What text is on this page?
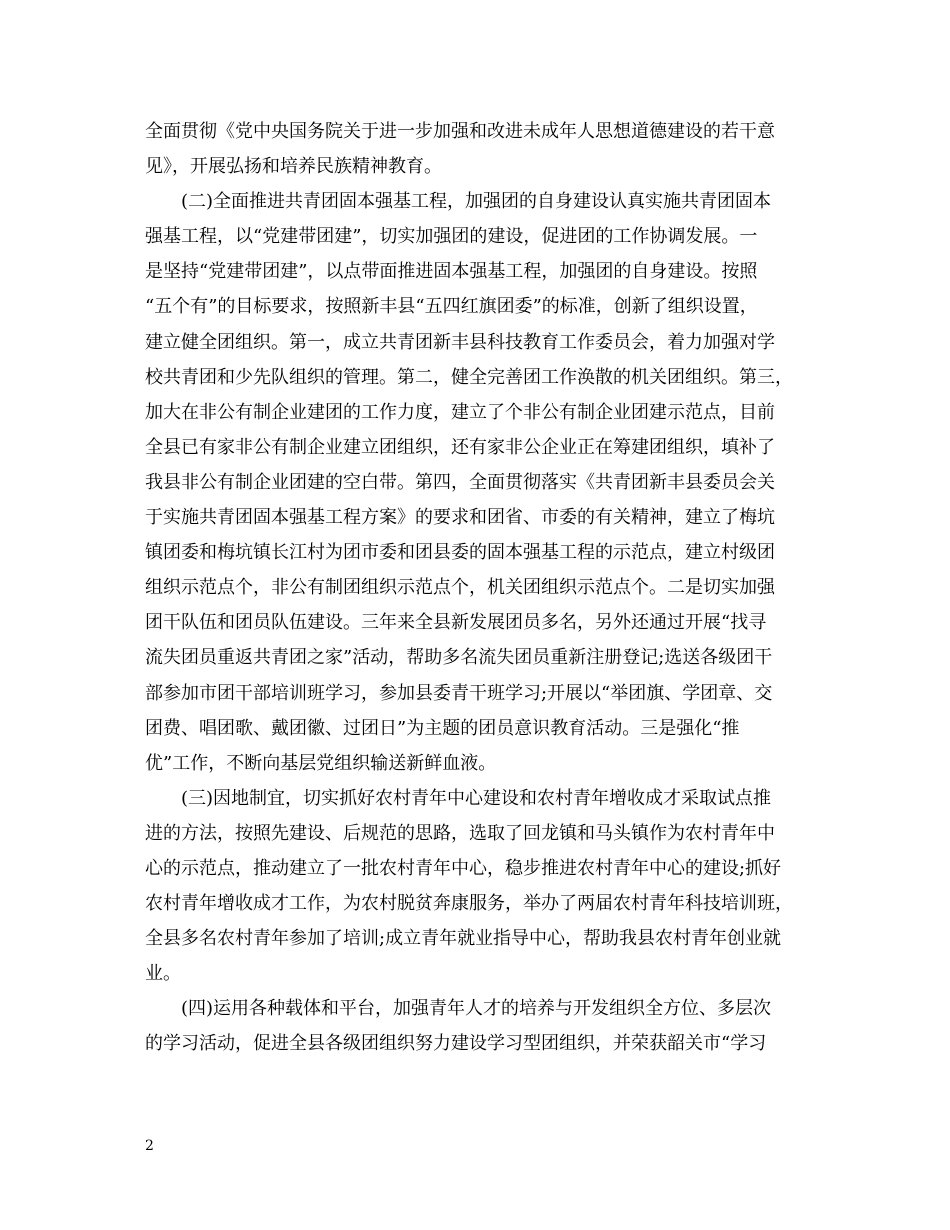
全面贯彻《党中央国务院关于进一步加强和改进未成年人思想道德建设的若干意
见》，开展弘扬和培养民族精神教育。
(二)全面推进共青团固本强基工程，加强团的自身建设认真实施共青团固本
强基工程，以“党建带团建”，切实加强团的建设，促进团的工作协调发展。一
是坚持“党建带团建”，以点带面推进固本强基工程，加强团的自身建设。按照
“五个有”的目标要求，按照新丰县“五四红旗团委”的标准，创新了组织设置，
建立健全团组织。第一，成立共青团新丰县科技教育工作委员会，着力加强对学
校共青团和少先队组织的管理。第二，健全完善团工作涣散的机关团组织。第三，
加大在非公有制企业建团的工作力度，建立了个非公有制企业团建示范点，目前
全县已有家非公有制企业建立团组织，还有家非公企业正在筹建团组织，填补了
我县非公有制企业团建的空白带。第四，全面贯彻落实《共青团新丰县委员会关
于实施共青团固本强基工程方案》的要求和团省、市委的有关精神，建立了梅坑
镇团委和梅坑镇长江村为团市委和团县委的固本强基工程的示范点，建立村级团
组织示范点个，非公有制团组织示范点个，机关团组织示范点个。二是切实加强
团干队伍和团员队伍建设。三年来全县新发展团员多名，另外还通过开展“找寻
流失团员重返共青团之家”活动，帮助多名流失团员重新注册登记;选送各级团干
部参加市团干部培训班学习，参加县委青干班学习;开展以“举团旗、学团章、交
团费、唱团歌、戴团徽、过团日”为主题的团员意识教育活动。三是强化“推
优”工作，不断向基层党组织输送新鲜血液。
(三)因地制宜，切实抓好农村青年中心建设和农村青年增收成才采取试点推
进的方法，按照先建设、后规范的思路，选取了回龙镇和马头镇作为农村青年中
心的示范点，推动建立了一批农村青年中心，稳步推进农村青年中心的建设;抓好
农村青年增收成才工作，为农村脱贫奔康服务，举办了两届农村青年科技培训班，
全县多名农村青年参加了培训;成立青年就业指导中心，帮助我县农村青年创业就
业。
(四)运用各种载体和平台，加强青年人才的培养与开发组织全方位、多层次
的学习活动，促进全县各级团组织努力建设学习型团组织，并荣获韶关市“学习
2
